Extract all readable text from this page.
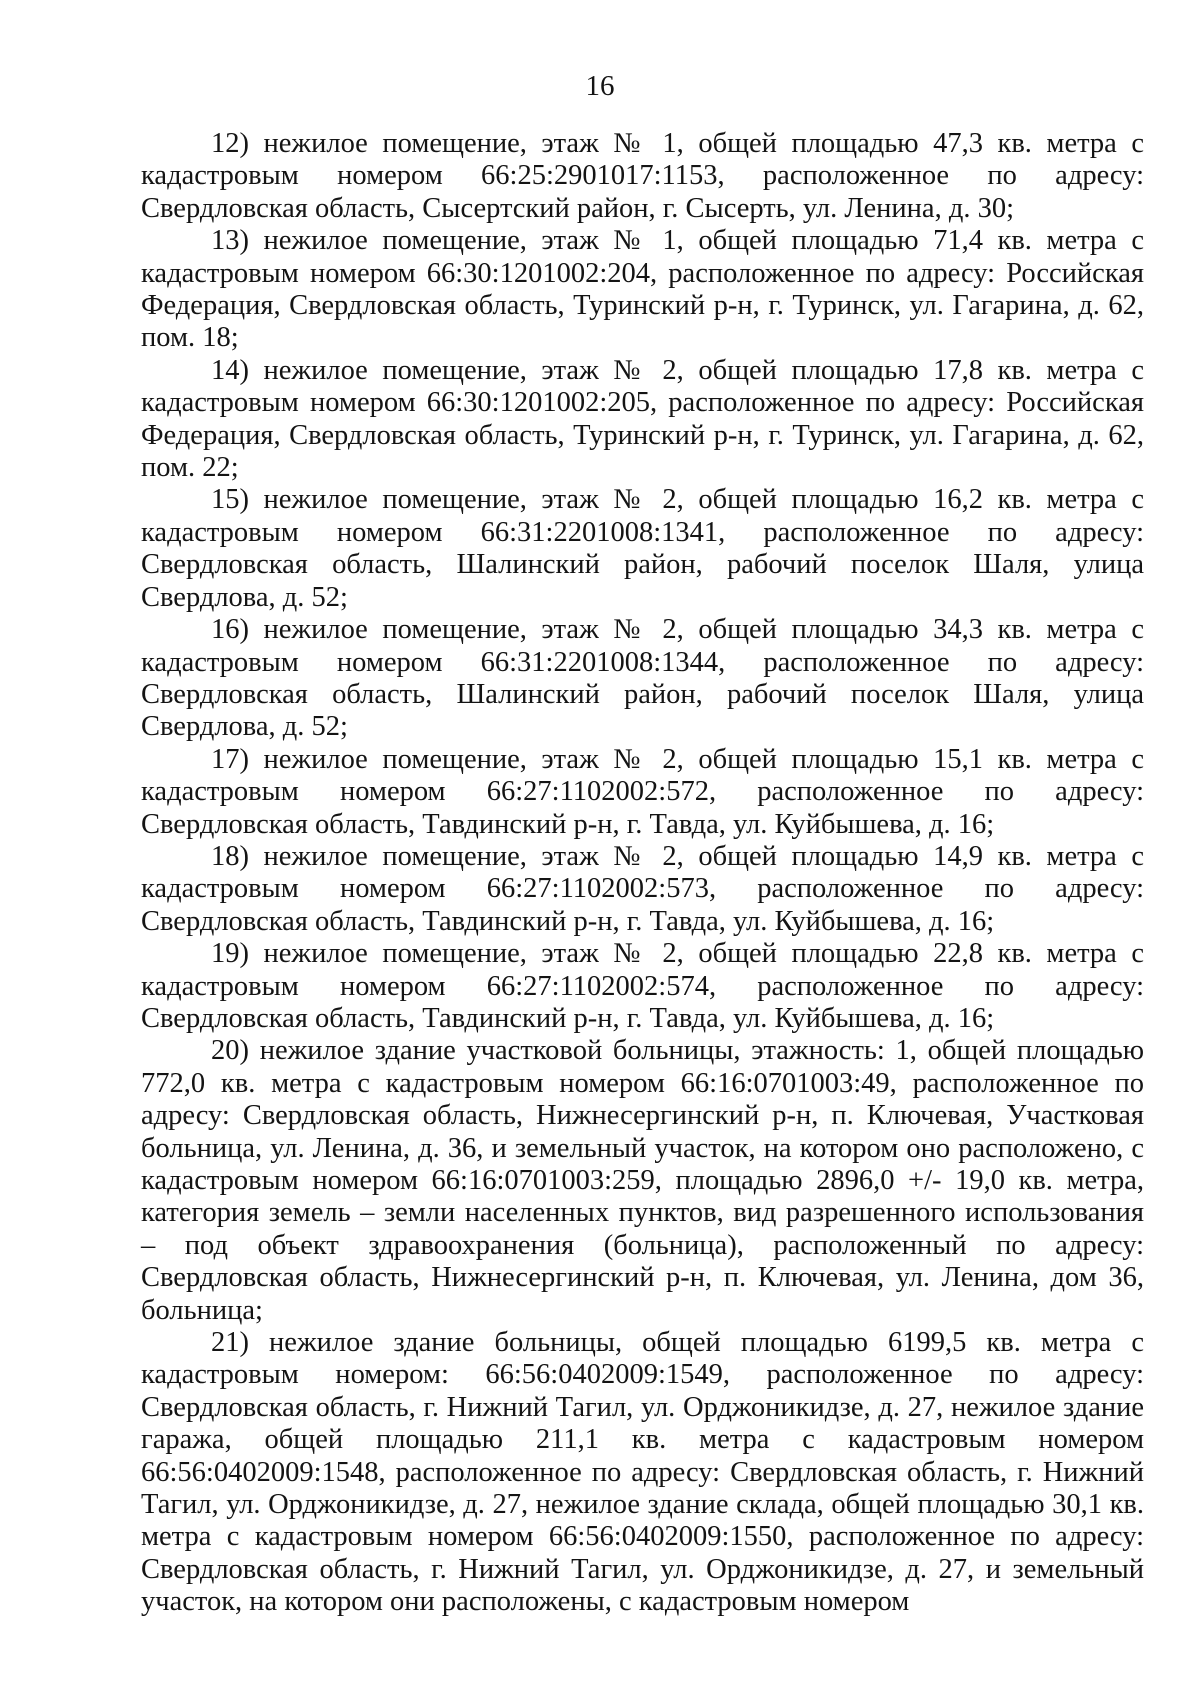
16

12) нежилое помещение, этаж № 1, общей площадью 47,3 кв. метра с кадастровым номером 66:25:2901017:1153, расположенное по адресу: Свердловская область, Сысертский район, г. Сысерть, ул. Ленина, д. 30;

13) нежилое помещение, этаж № 1, общей площадью 71,4 кв. метра с кадастровым номером 66:30:1201002:204, расположенное по адресу: Российская Федерация, Свердловская область, Туринский р-н, г. Туринск, ул. Гагарина, д. 62, пом. 18;

14) нежилое помещение, этаж № 2, общей площадью 17,8 кв. метра с кадастровым номером 66:30:1201002:205, расположенное по адресу: Российская Федерация, Свердловская область, Туринский р-н, г. Туринск, ул. Гагарина, д. 62, пом. 22;

15) нежилое помещение, этаж № 2, общей площадью 16,2 кв. метра с кадастровым номером 66:31:2201008:1341, расположенное по адресу: Свердловская область, Шалинский район, рабочий поселок Шаля, улица Свердлова, д. 52;

16) нежилое помещение, этаж № 2, общей площадью 34,3 кв. метра с кадастровым номером 66:31:2201008:1344, расположенное по адресу: Свердловская область, Шалинский район, рабочий поселок Шаля, улица Свердлова, д. 52;

17) нежилое помещение, этаж № 2, общей площадью 15,1 кв. метра с кадастровым номером 66:27:1102002:572, расположенное по адресу: Свердловская область, Тавдинский р-н, г. Тавда, ул. Куйбышева, д. 16;

18) нежилое помещение, этаж № 2, общей площадью 14,9 кв. метра с кадастровым номером 66:27:1102002:573, расположенное по адресу: Свердловская область, Тавдинский р-н, г. Тавда, ул. Куйбышева, д. 16;

19) нежилое помещение, этаж № 2, общей площадью 22,8 кв. метра с кадастровым номером 66:27:1102002:574, расположенное по адресу: Свердловская область, Тавдинский р-н, г. Тавда, ул. Куйбышева, д. 16;

20) нежилое здание участковой больницы, этажность: 1, общей площадью 772,0 кв. метра с кадастровым номером 66:16:0701003:49, расположенное по адресу: Свердловская область, Нижнесергинский р-н, п. Ключевая, Участковая больница, ул. Ленина, д. 36, и земельный участок, на котором оно расположено, с кадастровым номером 66:16:0701003:259, площадью 2896,0 +/- 19,0 кв. метра, категория земель – земли населенных пунктов, вид разрешенного использования – под объект здравоохранения (больница), расположенный по адресу: Свердловская область, Нижнесергинский р-н, п. Ключевая, ул. Ленина, дом 36, больница;

21) нежилое здание больницы, общей площадью 6199,5 кв. метра с кадастровым номером: 66:56:0402009:1549, расположенное по адресу: Свердловская область, г. Нижний Тагил, ул. Орджоникидзе, д. 27, нежилое здание гаража, общей площадью 211,1 кв. метра с кадастровым номером 66:56:0402009:1548, расположенное по адресу: Свердловская область, г. Нижний Тагил, ул. Орджоникидзе, д. 27, нежилое здание склада, общей площадью 30,1 кв. метра с кадастровым номером 66:56:0402009:1550, расположенное по адресу: Свердловская область, г. Нижний Тагил, ул. Орджоникидзе, д. 27, и земельный участок, на котором они расположены, с кадастровым номером
